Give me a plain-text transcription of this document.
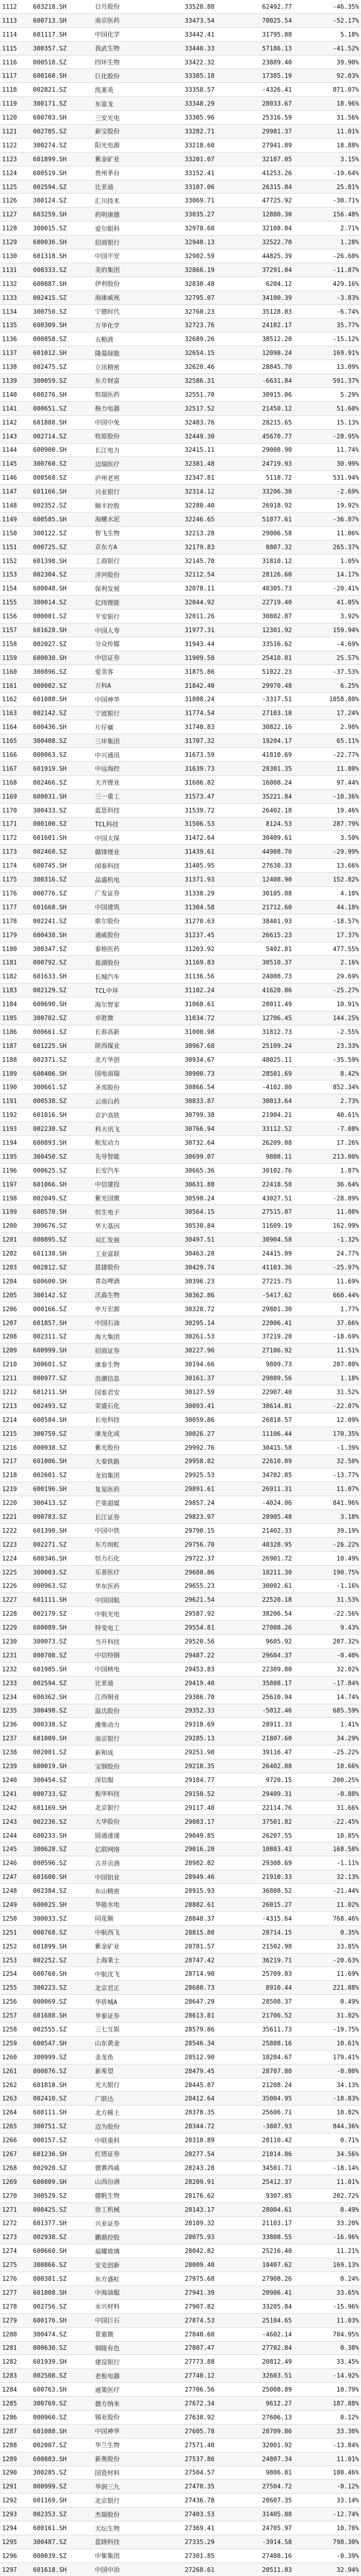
1112	603218.SH	日月股份	33528.88	62492.77	-46.35%
1113	600713.SH	南京医药	33473.54	70025.54	-52.17%
1114	601117.SH	中国化学	33442.41	31795.88	5.18%
1115	300357.SZ	我武生物	33440.33	57186.13	-41.52%
1116	000518.SZ	四环生物	33422.32	23889.40	39.90%
1117	600160.SH	巨化股份	33385.18	17385.19	92.03%
1118	002821.SZ	凯莱英	33358.57	-4326.41	871.07%
1119	300171.SZ	东富龙	33348.29	28033.67	18.96%
1120	600703.SH	三安光电	33305.96	25316.59	31.56%
1121	002705.SZ	新宝股份	33282.71	29981.37	11.01%
1122	300274.SZ	阳光电源	33218.60	27941.89	18.88%
1123	601899.SH	紫金矿业	33201.07	32187.05	3.15%
1124	600519.SH	贵州茅台	33152.41	41253.26	-19.64%
1125	002594.SZ	比亚迪	33107.06	26315.84	25.81%
1126	300124.SZ	汇川技术	33069.71	47725.92	-30.71%
1127	603259.SH	药明康德	33035.27	12880.30	156.48%
1128	300015.SZ	爱尔眼科	32978.60	32108.04	2.71%
1129	600036.SH	招商银行	32940.13	32522.70	1.28%
1130	601318.SH	中国平安	32902.59	44825.39	-26.60%
1131	000333.SZ	美的集团	32866.19	37291.04	-11.87%
1132	600887.SH	伊利股份	32830.48	6204.12	429.16%
1133	002415.SZ	海康威视	32795.07	34100.39	-3.83%
1134	300750.SZ	宁德时代	32760.23	35128.83	-6.74%
1135	600309.SH	万华化学	32723.76	24102.17	35.77%
1136	000858.SZ	五粮液	32689.26	38512.20	-15.12%
1137	601012.SH	隆基绿能	32654.15	12098.24	169.91%
1138	002475.SZ	立讯精密	32620.46	28845.70	13.09%
1139	300059.SZ	东方财富	32586.31	-6631.84	591.37%
1140	600276.SH	恒瑞医药	32551.70	30915.06	5.29%
1141	000651.SZ	格力电器	32517.52	21450.12	51.60%
1142	601888.SH	中国中免	32483.76	28215.65	15.13%
1143	002714.SZ	牧原股份	32449.30	45670.77	-28.95%
1144	600900.SH	长江电力	32415.11	29008.90	11.74%
1145	300760.SZ	迈瑞医疗	32381.48	24719.93	30.99%
1146	000568.SZ	泸州老窖	32347.81	5118.72	531.94%
1147	601166.SH	兴业银行	32314.12	33206.30	-2.69%
1148	002352.SZ	顺丰控股	32280.40	26918.92	19.92%
1149	600585.SH	海螺水泥	32246.65	51077.61	-36.87%
1150	300122.SZ	智飞生物	32213.28	29006.58	11.06%
1151	000725.SZ	京东方A	32179.83	8807.32	265.37%
1152	601398.SH	工商银行	32145.70	31810.12	1.05%
1153	002304.SZ	洋河股份	32112.54	28126.60	14.17%
1154	600048.SH	保利发展	32078.11	40305.73	-20.41%
1155	300014.SZ	亿纬锂能	32044.92	22719.40	41.05%
1156	000001.SZ	平安银行	32011.26	30802.87	3.92%
1157	601628.SH	中国人寿	31977.31	12301.92	159.94%
1158	002027.SZ	分众传媒	31943.44	33516.62	-4.69%
1159	600030.SH	中信证券	31909.58	25410.81	25.57%
1160	300896.SZ	爱美客	31875.86	51022.23	-37.53%
1161	000002.SZ	万科A	31842.40	29970.48	6.25%
1162	601088.SH	中国神华	31808.24	-3317.51	1058.80%
1163	002142.SZ	宁波银行	31774.54	27103.18	17.24%
1164	600436.SH	片仔癀	31740.83	30822.16	2.98%
1165	300408.SZ	三环集团	31707.32	19204.17	65.11%
1166	000063.SZ	中兴通讯	31673.59	41010.69	-22.77%
1167	601919.SH	中远海控	31639.73	28301.35	11.80%
1168	002466.SZ	天齐锂业	31606.82	16008.24	97.44%
1169	600031.SH	三一重工	31573.47	35221.84	-10.36%
1170	300433.SZ	蓝思科技	31539.72	26402.18	19.46%
1171	000100.SZ	TCL科技	31506.53	8124.53	287.79%
1172	601601.SH	中国太保	31472.64	30409.61	3.50%
1173	002460.SZ	赣锋锂业	31439.61	44908.70	-29.99%
1174	600745.SH	闻泰科技	31405.95	27630.33	13.66%
1175	300316.SZ	晶盛机电	31371.93	12408.90	152.82%
1176	000776.SZ	广发证券	31338.29	30105.08	4.10%
1177	601668.SH	中国建筑	31304.58	21712.60	44.18%
1178	002241.SZ	歌尔股份	31270.63	38401.93	-18.57%
1179	600438.SH	通威股份	31237.45	26615.23	17.37%
1180	300347.SZ	泰格医药	31203.92	5402.81	477.55%
1181	000792.SZ	盐湖股份	31169.83	30510.37	2.16%
1182	601633.SH	长城汽车	31136.56	24008.73	29.69%
1183	002129.SZ	TCL中环	31102.24	41620.86	-25.27%
1184	600690.SH	海尔智家	31068.61	28011.49	10.91%
1185	300782.SZ	卓胜微	31034.72	12706.45	144.25%
1186	000661.SZ	长春高新	31000.98	31812.73	-2.55%
1187	601225.SH	陕西煤业	30967.68	25109.24	23.33%
1188	002371.SZ	北方华创	30934.67	48025.11	-35.59%
1189	600406.SH	国电南瑞	30900.73	28501.69	8.42%
1190	300661.SZ	圣邦股份	30866.54	-4102.80	852.34%
1191	000538.SZ	云南白药	30833.87	30013.64	2.73%
1192	601816.SH	京沪高铁	30799.38	21904.21	40.61%
1193	002230.SZ	科大讯飞	30766.94	33112.52	-7.08%
1194	600893.SH	航发动力	30732.64	26209.08	17.26%
1195	300450.SZ	先导智能	30699.07	9808.11	213.00%
1196	000625.SZ	长安汽车	30665.36	30102.76	1.87%
1197	601066.SH	中信建投	30631.88	22418.58	36.64%
1198	002049.SZ	紫光国微	30598.24	43027.51	-28.89%
1199	600570.SH	恒生电子	30564.15	27515.87	11.08%
1200	300676.SZ	华大基因	30530.84	11609.19	162.99%
1201	000895.SZ	双汇发展	30497.51	30904.58	-1.32%
1202	601138.SH	工业富联	30463.28	24415.09	24.77%
1203	002812.SZ	恩捷股份	30429.74	41103.36	-25.97%
1204	600600.SH	青岛啤酒	30396.23	27215.75	11.69%
1205	300142.SZ	沃森生物	30362.86	-5417.62	660.44%
1206	000166.SZ	申万宏源	30328.72	29801.30	1.77%
1207	601857.SH	中国石油	30295.14	22006.41	37.66%
1208	002311.SZ	海大集团	30261.53	37219.20	-18.69%
1209	600999.SH	招商证券	30227.96	27106.92	11.51%
1210	300601.SZ	康泰生物	30194.66	9809.73	207.80%
1211	000977.SZ	浪潮信息	30161.37	29809.56	1.18%
1212	601211.SH	国泰君安	30127.59	22907.40	31.52%
1213	002493.SZ	荣盛石化	30093.41	38614.81	-22.07%
1214	600584.SH	长电科技	30059.86	26818.57	12.09%
1215	300759.SZ	康龙化成	30026.27	11106.44	170.35%
1216	000938.SZ	紫光股份	29992.76	30415.58	-1.39%
1217	601006.SH	大秦铁路	29958.82	22610.09	32.50%
1218	002601.SZ	龙佰集团	29925.53	34702.85	-13.77%
1219	600196.SH	复星医药	29891.61	26911.31	11.07%
1220	300413.SZ	芒果超媒	29857.24	-4024.06	841.96%
1221	000783.SZ	长江证券	29823.97	28905.48	3.18%
1222	601390.SH	中国中铁	29790.15	21402.33	39.19%
1223	002271.SZ	东方雨虹	29756.70	40328.95	-26.22%
1224	600346.SH	恒力石化	29722.37	26901.72	10.49%
1225	300003.SZ	乐普医疗	29688.86	10211.30	190.75%
1226	000963.SZ	华东医药	29655.23	30002.61	-1.16%
1227	601111.SH	中国国航	29621.54	22520.18	31.53%
1228	002179.SZ	中航光电	29587.92	38206.54	-22.56%
1229	600089.SH	特变电工	29554.81	27008.26	9.43%
1230	300073.SZ	当升科技	29520.56	9605.92	207.32%
1231	000708.SZ	中信特钢	29487.22	29604.37	-0.40%
1232	601985.SH	中国核电	29453.83	22309.80	32.02%
1233	002594.SZ	比亚迪	29419.40	35808.17	-17.84%
1234	600362.SH	江西铜业	29386.70	25610.94	14.74%
1235	300498.SZ	温氏股份	29352.33	-5012.46	685.59%
1236	000338.SZ	潍柴动力	29318.69	28911.33	1.41%
1237	601009.SH	南京银行	29285.13	21807.60	34.29%
1238	002001.SZ	新和成	29251.90	39116.47	-25.22%
1239	600019.SH	宝钢股份	29218.35	26402.88	10.66%
1240	300454.SZ	深信服	29184.77	9720.15	200.25%
1241	000733.SZ	振华科技	29150.52	29409.31	-0.88%
1242	601169.SH	北京银行	29117.40	22114.76	31.66%
1243	002236.SZ	大华股份	29083.17	37501.82	-22.45%
1244	600233.SH	圆通速递	29049.85	26207.55	10.85%
1245	300628.SZ	亿联网络	29016.28	10803.43	168.58%
1246	000596.SZ	古井贡酒	28982.82	29308.69	-1.11%
1247	601600.SH	中国铝业	28949.46	21910.33	32.13%
1248	002384.SZ	东山精密	28915.93	36808.52	-21.44%
1249	600025.SH	华能水电	28882.61	26015.27	11.02%
1250	300033.SZ	同花顺	28848.37	-4315.64	768.46%
1251	000768.SZ	中航西飞	28815.80	28714.15	0.35%
1252	601899.SH	紫金矿业	28781.57	21502.98	33.85%
1253	002252.SZ	上海莱士	28747.42	36219.71	-20.63%
1254	600760.SH	中航沈飞	28714.90	25709.83	11.69%
1255	300223.SZ	北京君正	28680.73	8910.44	221.88%
1256	000069.SZ	华侨城A	28647.29	28508.37	0.49%
1257	601688.SH	华泰证券	28613.81	21706.52	31.82%
1258	002555.SZ	三七互娱	28579.86	35611.73	-19.75%
1259	600547.SH	山东黄金	28546.34	25808.16	10.61%
1260	300999.SZ	金龙鱼	28512.90	10204.67	179.41%
1261	000876.SZ	新希望	28479.45	28707.80	-0.80%
1262	601818.SH	光大银行	28445.87	21208.24	34.13%
1263	002410.SZ	广联达	28412.64	35004.95	-18.83%
1264	600111.SH	北方稀土	28378.35	25606.71	10.82%
1265	300751.SZ	迈为股份	28344.72	-3807.93	844.36%
1266	000157.SZ	中联重科	28310.89	28110.42	0.71%
1267	601236.SH	红塔证券	28277.54	21014.86	34.56%
1268	002920.SZ	德赛西威	28243.28	34501.71	-18.14%
1269	600809.SH	山西汾酒	28209.91	25412.37	11.01%
1270	300529.SZ	健帆生物	28176.62	9307.85	202.72%
1271	000425.SZ	徐工机械	28143.17	28004.61	0.49%
1272	601377.SH	兴业证券	28109.32	21103.17	33.20%
1273	002938.SZ	鹏鼎控股	28075.93	33808.55	-16.96%
1274	600660.SH	福耀玻璃	28042.82	25216.40	11.21%
1275	300866.SZ	安克创新	28009.40	10407.62	169.13%
1276	000301.SZ	东方盛虹	27975.68	27908.26	0.24%
1277	601808.SH	中海油服	27941.39	20906.41	33.65%
1278	002756.SZ	永兴材料	27907.82	33205.84	-15.96%
1279	600176.SH	中国巨石	27874.53	25104.65	11.03%
1280	300474.SZ	景嘉微	27840.60	-4602.14	704.95%
1281	000630.SZ	铜陵有色	27807.47	27702.84	0.38%
1282	601939.SH	建设银行	27773.88	20812.49	33.45%
1283	002508.SZ	老板电器	27740.12	32603.51	-14.92%
1284	600763.SH	通策医疗	27706.56	25008.89	10.79%
1285	300769.SZ	德方纳米	27672.34	9612.27	187.88%
1286	000960.SZ	锡业股份	27638.92	27606.13	0.12%
1287	601088.SH	中国神华	27605.78	20709.86	33.30%
1288	002007.SZ	华兰生物	27571.40	32001.92	-13.84%
1289	600803.SH	新奥股份	27537.86	24807.34	11.01%
1290	300285.SZ	国瓷材料	27504.57	9806.81	180.46%
1291	000999.SZ	华润三九	27470.35	27504.72	-0.12%
1292	601169.SH	北京银行	27436.78	20607.35	33.14%
1293	002353.SZ	杰瑞股份	27403.53	31405.88	-12.74%
1294	600161.SH	天坛生物	27369.41	24705.97	10.78%
1295	300487.SZ	蓝晓科技	27335.29	-3914.58	798.30%
1296	000039.SZ	中集集团	27301.85	27408.16	-0.39%
1297	601618.SH	中国中冶	27268.61	20511.83	32.94%
